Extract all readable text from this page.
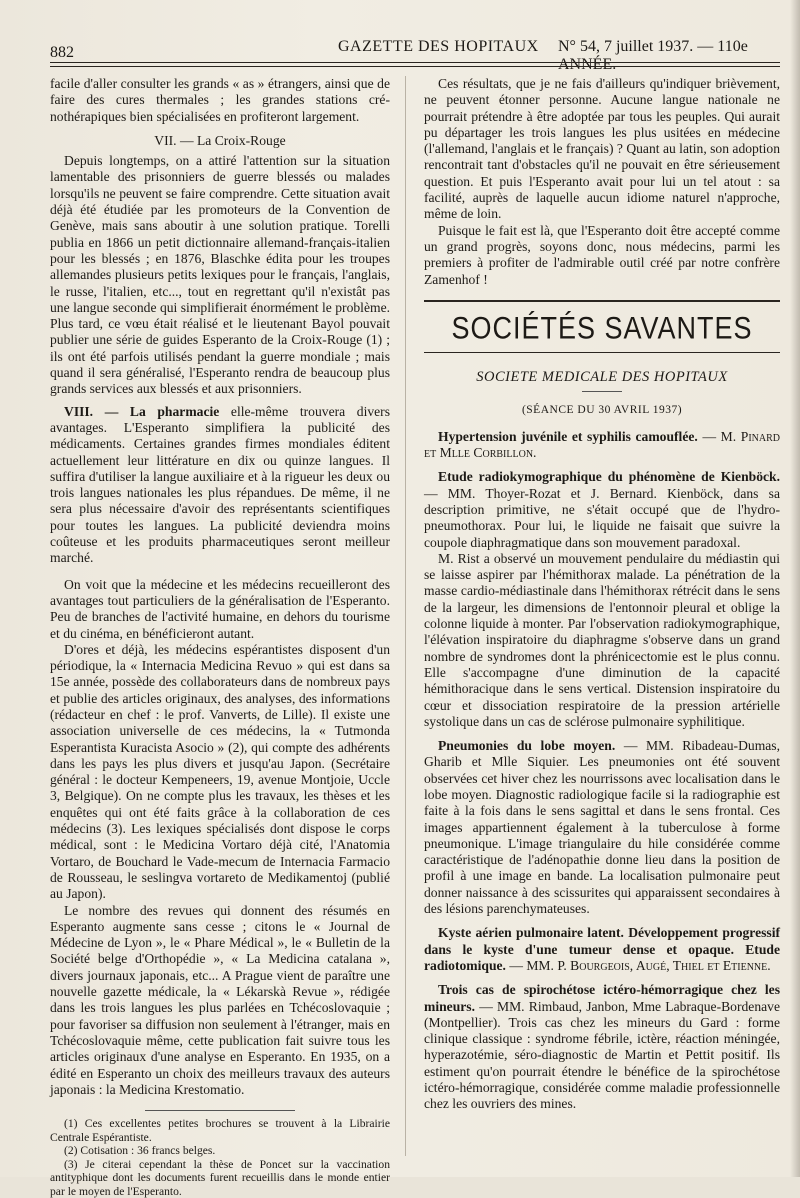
882	GAZETTE DES HOPITAUX N° 54, 7 juillet 1937. — 110e ANNÉE.

facile d'aller consulter les grands « as » étrangers, ainsi que de faire des cures thermales ; les grandes stations cré-nothérapiques bien spécialisées en profiteront largement.

VII. — La Croix-Rouge

Depuis longtemps, on a attiré l'attention sur la situation lamentable des prisonniers de guerre blessés ou malades lorsqu'ils ne peuvent se faire comprendre. Cette situation avait déjà été étudiée par les promoteurs de la Convention de Genève, mais sans aboutir à une solution pratique. Torelli publia en 1866 un petit dictionnaire allemand-français-italien pour les blessés ; en 1876, Blaschke édita pour les troupes allemandes plusieurs petits lexiques pour le français, l'anglais, le russe, l'italien, etc..., tout en regrettant qu'il n'existât pas une langue seconde qui simplifierait énormément le problème. Plus tard, ce vœu était réalisé et le lieutenant Bayol pouvait publier une série de guides Esperanto de la Croix-Rouge (1) ; ils ont été parfois utilisés pendant la guerre mondiale ; mais quand il sera généralisé, l'Esperanto rendra de beaucoup plus grands services aux blessés et aux prisonniers.

VIII. — La pharmacie elle-même trouvera divers avantages. L'Esperanto simplifiera la publicité des médicaments. Certaines grandes firmes mondiales éditent actuellement leur littérature en dix ou quinze langues. Il suffira d'utiliser la langue auxiliaire et à la rigueur les deux ou trois langues nationales les plus répandues. De même, il ne sera plus nécessaire d'avoir des représentants scientifiques pour toutes les langues. La publicité deviendra moins coûteuse et les produits pharmaceutiques seront meilleur marché.

On voit que la médecine et les médecins recueilleront des avantages tout particuliers de la généralisation de l'Esperanto. Peu de branches de l'activité humaine, en dehors du tourisme et du cinéma, en bénéficieront autant.

D'ores et déjà, les médecins espérantistes disposent d'un périodique, la « Internacia Medicina Revuo » qui est dans sa 15e année, possède des collaborateurs dans de nombreux pays et publie des articles originaux, des analyses, des informations (rédacteur en chef : le prof. Vanverts, de Lille). Il existe une association universelle de ces médecins, la « Tutmonda Esperantista Kuracista Asocio » (2), qui compte des adhérents dans les pays les plus divers et jusqu'au Japon. (Secrétaire général : le docteur Kempeneers, 19, avenue Montjoie, Uccle 3, Belgique). On ne compte plus les travaux, les thèses et les enquêtes qui ont été faits grâce à la collaboration de ces médecins (3). Les lexiques spécialisés dont dispose le corps médical, sont : le Medicina Vortaro déjà cité, l'Anatomia Vortaro, de Bouchard le Vade-mecum de Internacia Farmacio de Rousseau, le seslingva vortareto de Medikamentoj (publié au Japon).

Le nombre des revues qui donnent des résumés en Esperanto augmente sans cesse ; citons le « Journal de Médecine de Lyon », le « Phare Médical », le « Bulletin de la Société belge d'Orthopédie », « La Medicina catalana », divers journaux japonais, etc... A Prague vient de paraître une nouvelle gazette médicale, la « Lékarskà Revue », rédigée dans les trois langues les plus parlées en Tchécoslovaquie ; pour favoriser sa diffusion non seulement à l'étranger, mais en Tchécoslovaquie même, cette publication fait suivre tous les articles originaux d'une analyse en Esperanto. En 1935, on a édité en Esperanto un choix des meilleurs travaux des auteurs japonais : la Medicina Krestomatio.

(1) Ces excellentes petites brochures se trouvent à la Librairie Centrale Espérantiste.

(2) Cotisation : 36 francs belges.

(3) Je citerai cependant la thèse de Poncet sur la vaccination antityphique dont les documents furent recueillis dans le monde entier par le moyen de l'Esperanto.

Ces résultats, que je ne fais d'ailleurs qu'indiquer brièvement, ne peuvent étonner personne. Aucune langue nationale ne pourrait prétendre à être adoptée par tous les peuples. Qui aurait pu départager les trois langues les plus usitées en médecine (l'allemand, l'anglais et le français) ? Quant au latin, son adoption rencontrait tant d'obstacles qu'il ne pouvait en être sérieusement question. Et puis l'Esperanto avait pour lui un tel atout : sa facilité, auprès de laquelle aucun idiome naturel n'approche, même de loin.

Puisque le fait est là, que l'Esperanto doit être accepté comme un grand progrès, soyons donc, nous médecins, parmi les premiers à profiter de l'admirable outil créé par notre confrère Zamenhof !

SOCIÉTÉS SAVANTES
SOCIETE MEDICALE DES HOPITAUX
(SÉANCE DU 30 AVRIL 1937)

Hypertension juvénile et syphilis camouflée. — M. Pinard et Mlle Corbillon.

Etude radiokymographique du phénomène de Kienböck. — MM. Thoyer-Rozat et J. Bernard. Kienböck, dans sa description primitive, ne s'était occupé que de l'hydro-pneumothorax. Pour lui, le liquide ne faisait que suivre la coupole diaphragmatique dans son mouvement paradoxal.

M. Rist a observé un mouvement pendulaire du médiastin qui se laisse aspirer par l'hémithorax malade. La pénétration de la masse cardio-médiastinale dans l'hémithorax rétrécit dans le sens de la largeur, les dimensions de l'entonnoir pleural et oblige la colonne liquide à monter. Par l'observation radiokymographique, l'élévation inspiratoire du diaphragme s'observe dans un grand nombre de syndromes dont la phrénicectomie est le plus connu. Elle s'accompagne d'une diminution de la capacité hémithoracique dans le sens vertical. Distension inspiratoire du cœur et dissociation respiratoire de la pression artérielle systolique dans un cas de sclérose pulmonaire syphilitique.

Pneumonies du lobe moyen. — MM. Ribadeau-Dumas, Gharib et Mlle Siquier. Les pneumonies ont été souvent observées cet hiver chez les nourrissons avec localisation dans le lobe moyen. Diagnostic radiologique facile si la radiographie est faite à la fois dans le sens sagittal et dans le sens frontal. Ces images appartiennent également à la tuberculose à forme pneumonique. L'image triangulaire du hile considérée comme caractéristique de l'adénopathie donne lieu dans la position de profil à une image en bande. La localisation pulmonaire peut donner naissance à des scissurites qui apparaissent secondaires à des lésions parenchymateuses.

Kyste aérien pulmonaire latent. Développement progressif dans le kyste d'une tumeur dense et opaque. Etude radiotomique. — MM. P. Bourgeois, Augé, Thiel et Etienne.

Trois cas de spirochétose ictéro-hémorragique chez les mineurs. — MM. Rimbaud, Janbon, Mme Labraque-Bordenave (Montpellier). Trois cas chez les mineurs du Gard : forme clinique classique : syndrome fébrile, ictère, réaction méningée, hyperazotémie, séro-diagnostic de Martin et Pettit positif. Ils estiment qu'on pourrait étendre le bénéfice de la spirochétose ictéro-hémorragique, considérée comme maladie professionnelle chez les ouvriers des mines.
